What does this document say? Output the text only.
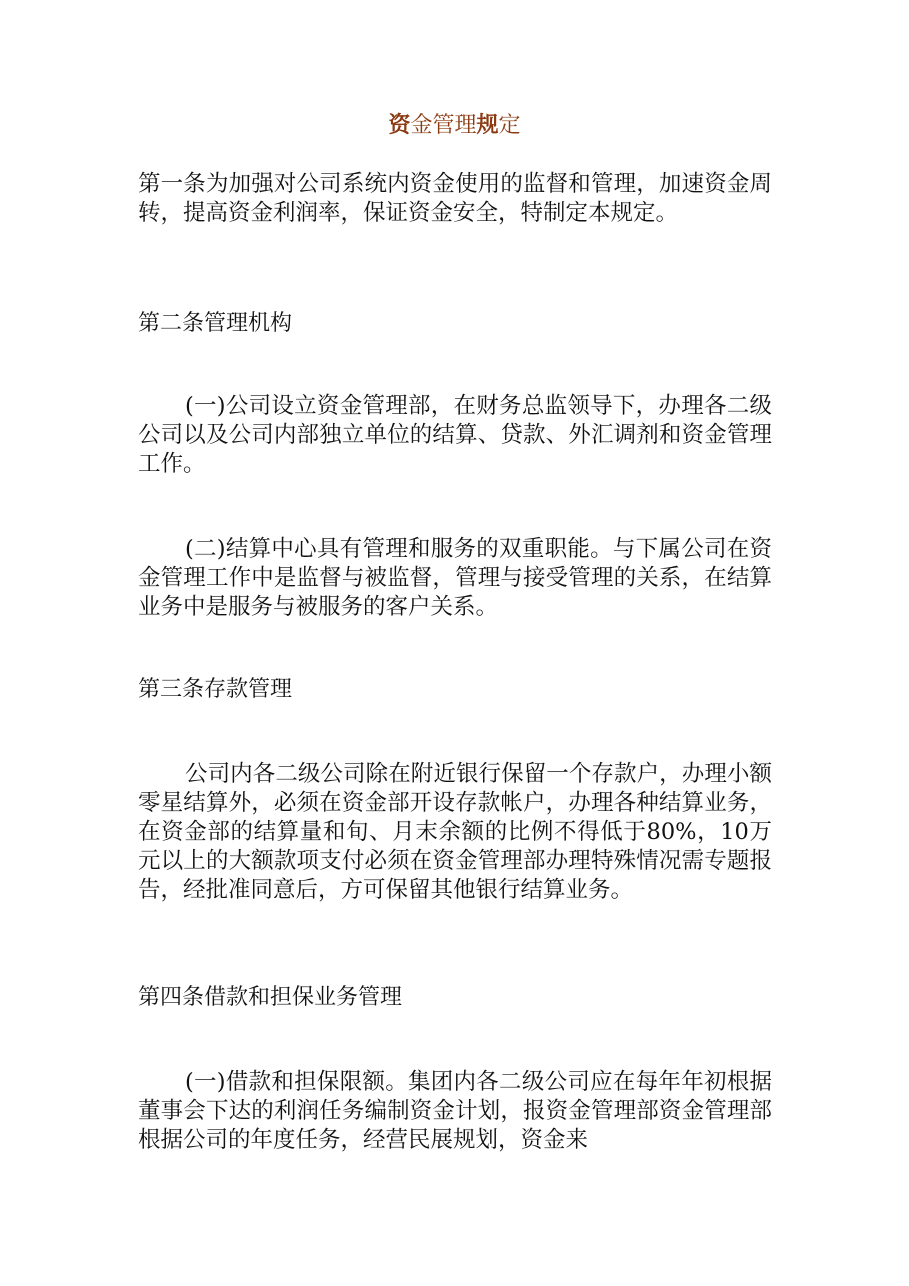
资金管理规定
第一条为加强对公司系统内资金使用的监督和管理，加速资金周转，提高资金利润率，保证资金安全，特制定本规定。
第二条管理机构
(一)公司设立资金管理部，在财务总监领导下，办理各二级公司以及公司内部独立单位的结算、贷款、外汇调剂和资金管理工作。
(二)结算中心具有管理和服务的双重职能。与下属公司在资金管理工作中是监督与被监督，管理与接受管理的关系，在结算业务中是服务与被服务的客户关系。
第三条存款管理
公司内各二级公司除在附近银行保留一个存款户，办理小额零星结算外，必须在资金部开设存款帐户，办理各种结算业务，在资金部的结算量和旬、月末余额的比例不得低于80%，10万元以上的大额款项支付必须在资金管理部办理特殊情况需专题报告，经批准同意后，方可保留其他银行结算业务。
第四条借款和担保业务管理
(一)借款和担保限额。集团内各二级公司应在每年年初根据董事会下达的利润任务编制资金计划，报资金管理部资金管理部根据公司的年度任务，经营民展规划，资金来
